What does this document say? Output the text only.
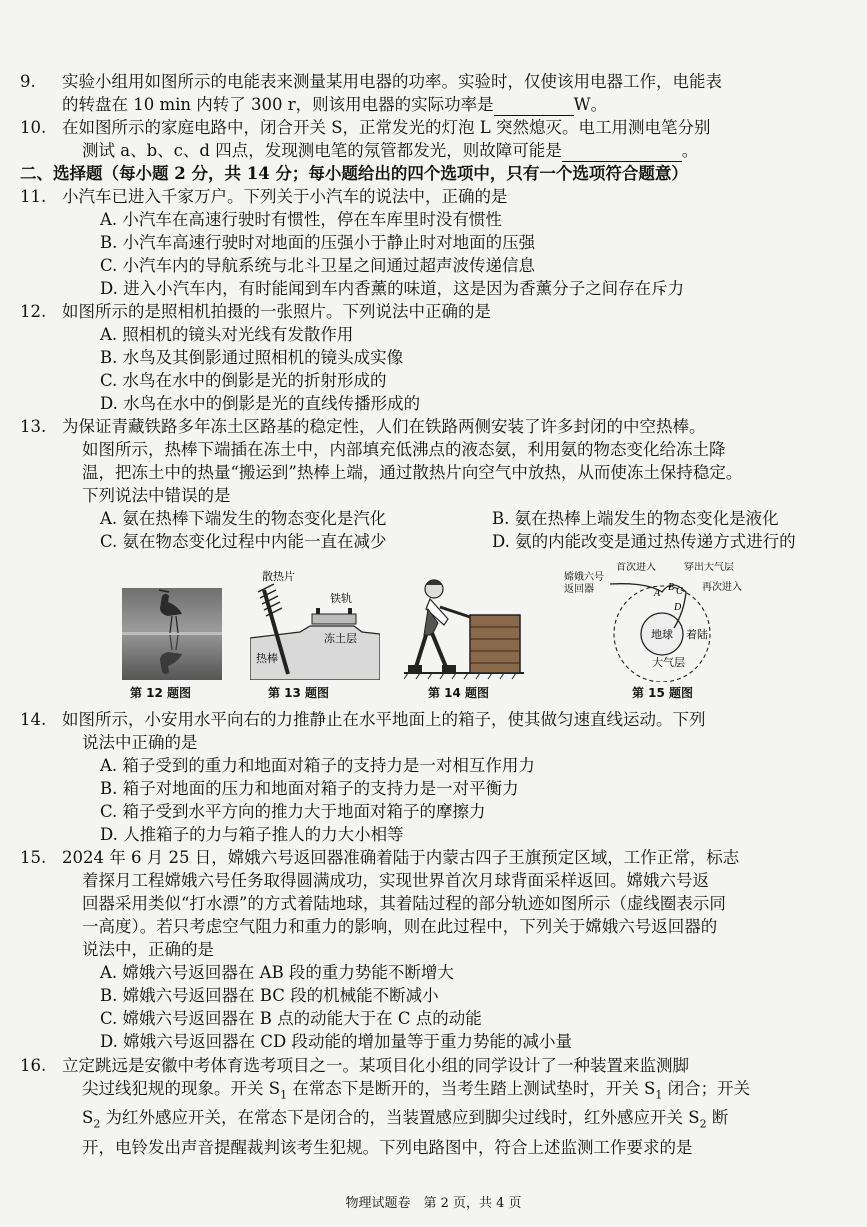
9. 实验小组用如图所示的电能表来测量某用电器的功率。实验时，仅使该用电器工作，电能表
的转盘在 10 min 内转了 300 r，则该用电器的实际功率是	W。
10. 在如图所示的家庭电路中，闭合开关 S，正常发光的灯泡 L 突然熄灭。电工用测电笔分别
测试 a、b、c、d 四点，发现测电笔的氖管都发光，则故障可能是	。
二、选择题（每小题 2 分，共 14 分；每小题给出的四个选项中，只有一个选项符合题意）
11. 小汽车已进入千家万户。下列关于小汽车的说法中，正确的是
A. 小汽车在高速行驶时有惯性，停在车库里时没有惯性
B. 小汽车高速行驶时对地面的压强小于静止时对地面的压强
C. 小汽车内的导航系统与北斗卫星之间通过超声波传递信息
D. 进入小汽车内，有时能闻到车内香薰的味道，这是因为香薰分子之间存在斥力
12. 如图所示的是照相机拍摄的一张照片。下列说法中正确的是
A. 照相机的镜头对光线有发散作用
B. 水鸟及其倒影通过照相机的镜头成实像
C. 水鸟在水中的倒影是光的折射形成的
D. 水鸟在水中的倒影是光的直线传播形成的
13. 为保证青藏铁路多年冻土区路基的稳定性，人们在铁路两侧安装了许多封闭的中空热棒。
如图所示，热棒下端插在冻土中，内部填充低沸点的液态氨，利用氨的物态变化给冻土降
温，把冻土中的热量“搬运到”热棒上端，通过散热片向空气中放热，从而使冻土保持稳定。
下列说法中错误的是
A. 氨在热棒下端发生的物态变化是汽化	B. 氨在热棒上端发生的物态变化是液化
C. 氨在物态变化过程中内能一直在减少	D. 氨的内能改变是通过热传递方式进行的
第 12 题图
散热片
铁轨
冻土层
热棒
第 13 题图	第 14 题图
地球 着陆
大气层
嫦娥六号
返回器
首次进入	穿出大气层
再次进入
A
B C
D
第 15 题图
14. 如图所示，小安用水平向右的力推静止在水平地面上的箱子，使其做匀速直线运动。下列
说法中正确的是
A. 箱子受到的重力和地面对箱子的支持力是一对相互作用力
B. 箱子对地面的压力和地面对箱子的支持力是一对平衡力
C. 箱子受到水平方向的推力大于地面对箱子的摩擦力
D. 人推箱子的力与箱子推人的力大小相等
15. 2024 年 6 月 25 日，嫦娥六号返回器准确着陆于内蒙古四子王旗预定区域，工作正常，标志
着探月工程嫦娥六号任务取得圆满成功，实现世界首次月球背面采样返回。嫦娥六号返
回器采用类似“打水漂”的方式着陆地球，其着陆过程的部分轨迹如图所示（虚线圈表示同
一高度）。若只考虑空气阻力和重力的影响，则在此过程中，下列关于嫦娥六号返回器的
说法中，正确的是
A. 嫦娥六号返回器在 AB 段的重力势能不断增大
B. 嫦娥六号返回器在 BC 段的机械能不断减小
C. 嫦娥六号返回器在 B 点的动能大于在 C 点的动能
D. 嫦娥六号返回器在 CD 段动能的增加量等于重力势能的减小量
16. 立定跳远是安徽中考体育选考项目之一。某项目化小组的同学设计了一种装置来监测脚
尖过线犯规的现象。开关 $S_1$ 在常态下是断开的，当考生踏上测试垫时，开关 $S_1$ 闭合；开关
$S_2$ 为红外感应开关，在常态下是闭合的，当装置感应到脚尖过线时，红外感应开关 $S_2$ 断
开，电铃发出声音提醒裁判该考生犯规。下列电路图中，符合上述监测工作要求的是
物理试题卷　第 2 页，共 4 页
